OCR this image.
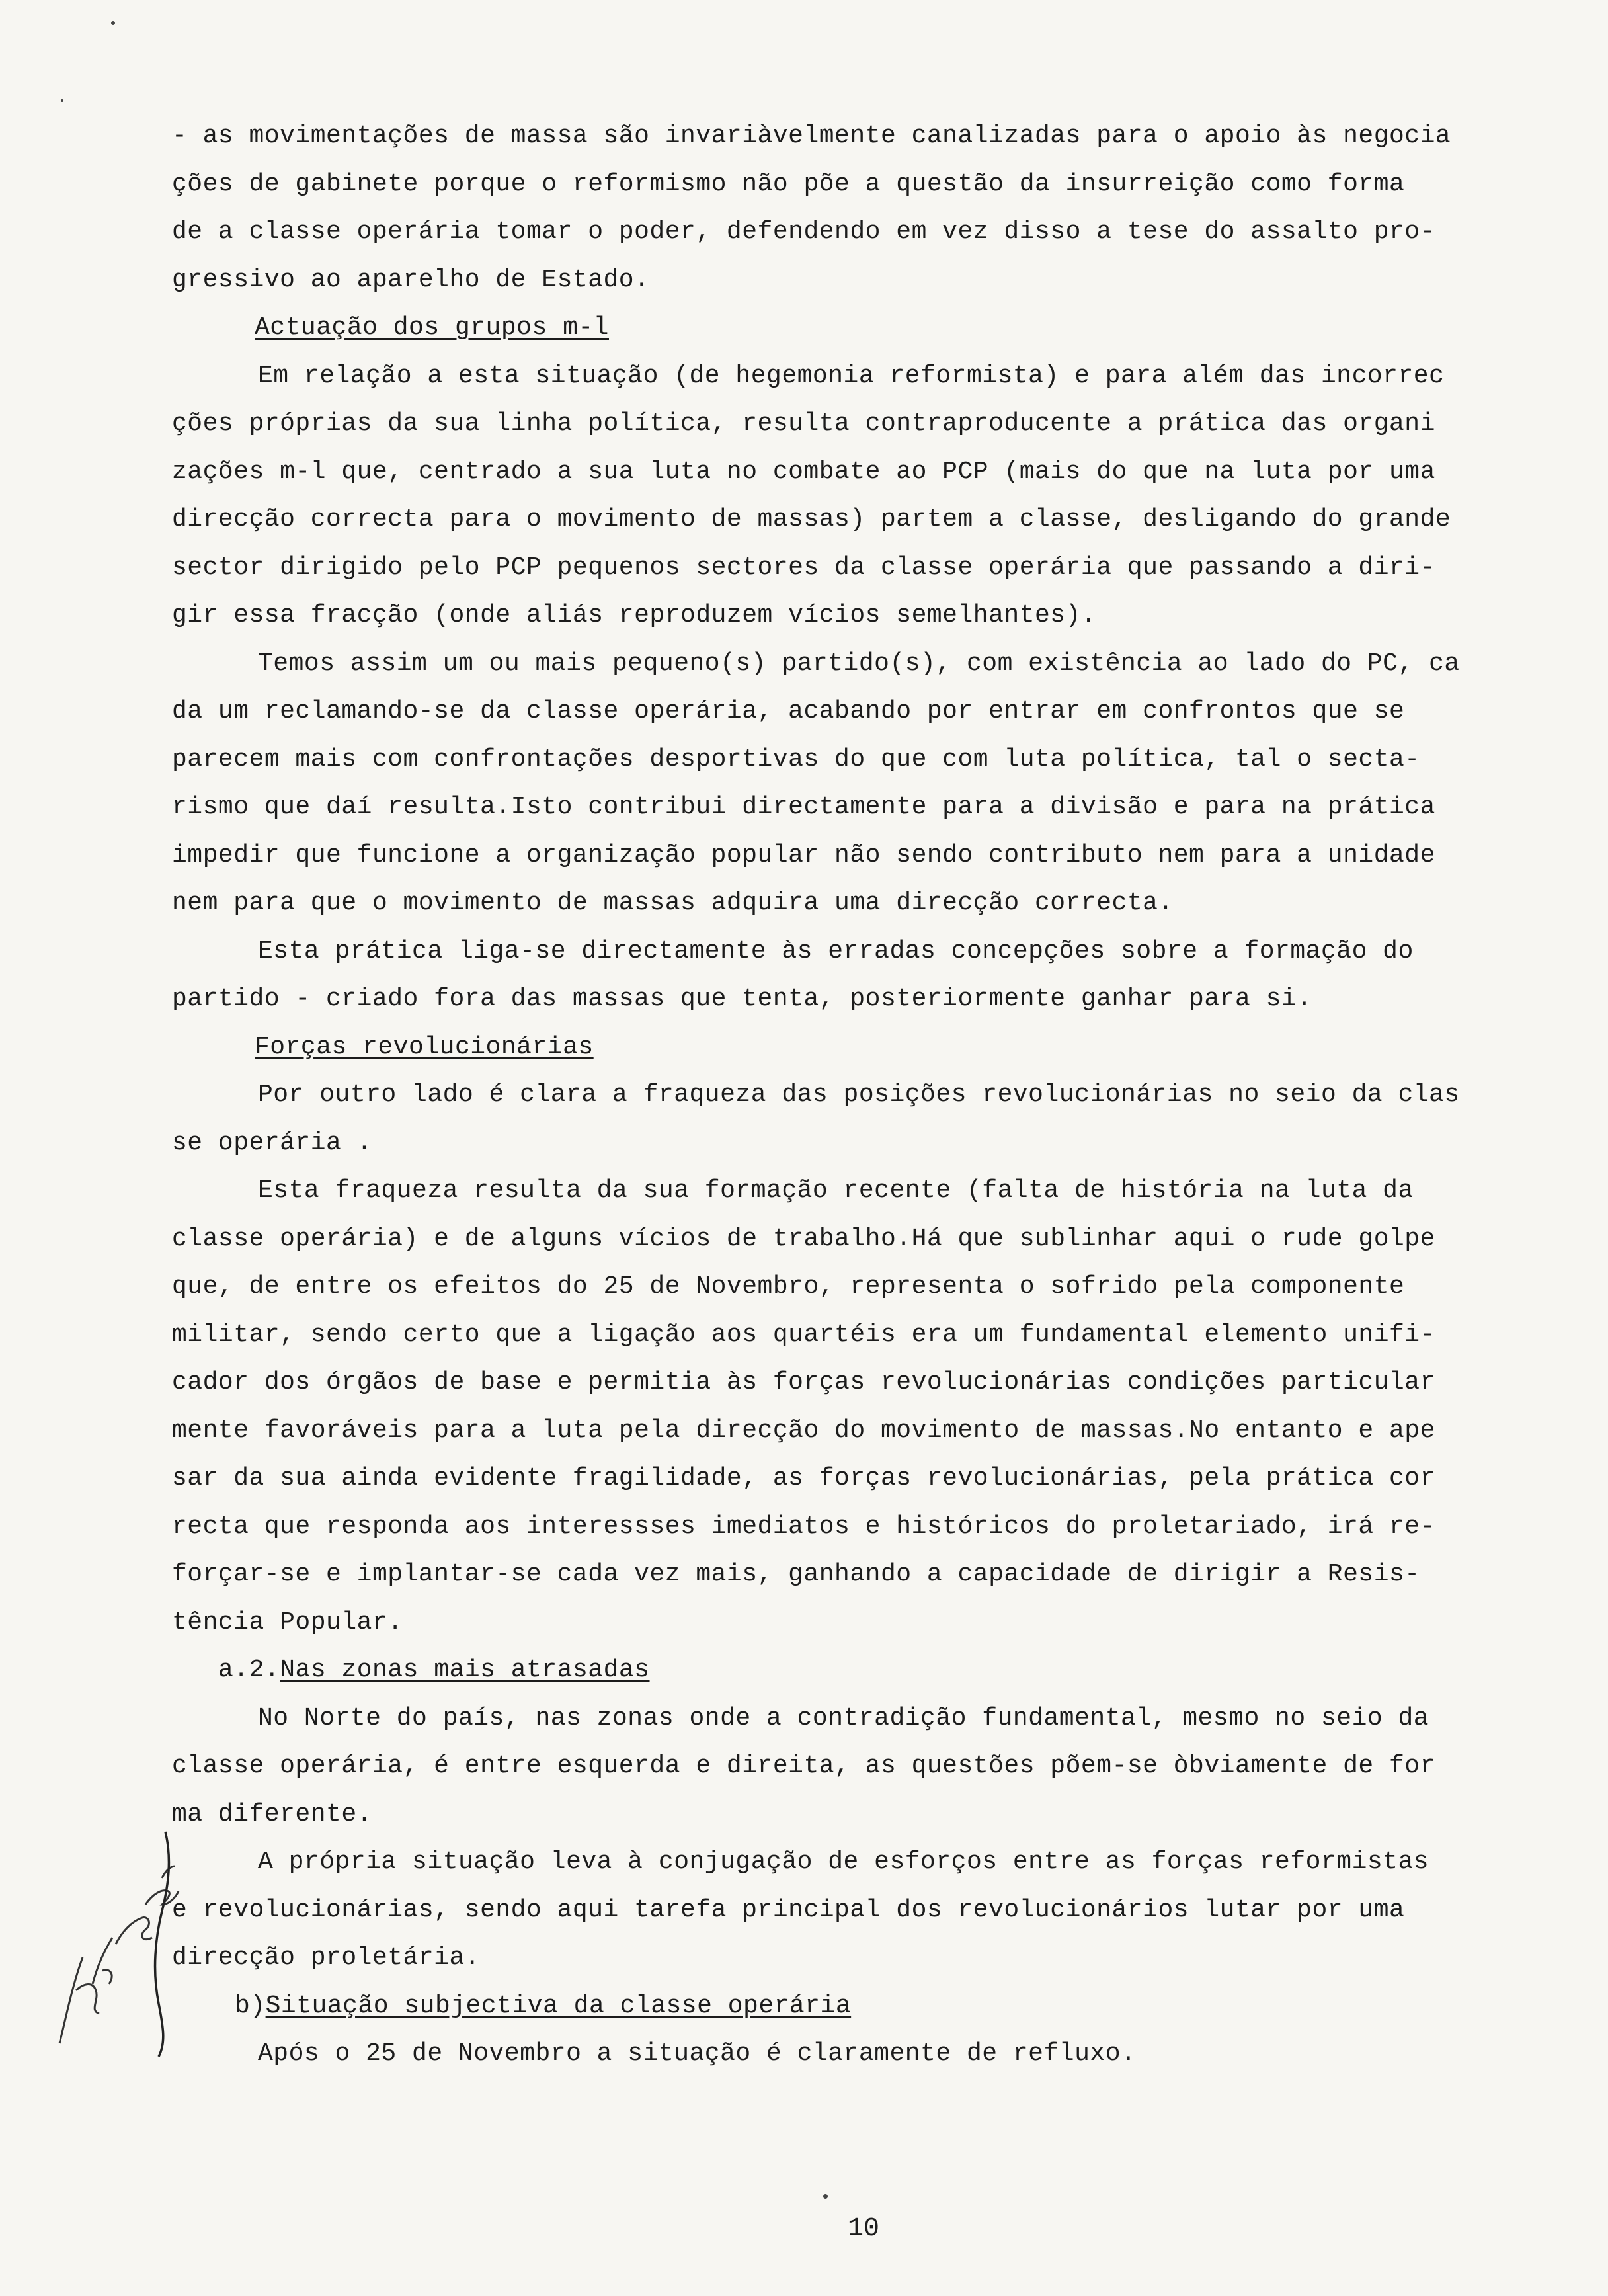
- as movimentações de massa são invariàvelmente canalizadas para o apoio às negocia

ções de gabinete porque o reformismo não põe a questão da insurreição como forma

de a classe operária tomar o poder, defendendo em vez disso a tese do assalto pro-

gressivo ao aparelho de Estado.

Actuação dos grupos m-l

Em relação a esta situação (de hegemonia reformista) e para além das incorrec

ções próprias da sua linha política, resulta contraproducente a prática das organi

zações m-l que, centrado a sua luta no combate ao PCP (mais do que na luta por uma

direcção correcta para o movimento de massas) partem a classe, desligando do grande

sector dirigido pelo PCP pequenos sectores da classe operária que passando a diri-

gir essa fracção (onde aliás reproduzem vícios semelhantes).

Temos assim um ou mais pequeno(s) partido(s), com existência ao lado do PC, ca

da um reclamando-se da classe operária, acabando por entrar em confrontos que se

parecem mais com confrontações desportivas do que com luta política, tal o secta-

rismo que daí resulta.Isto contribui directamente para a divisão e para na prática

impedir que funcione a organização popular não sendo contributo nem para a unidade

nem para que o movimento de massas adquira uma direcção correcta.

Esta prática liga-se directamente às erradas concepções sobre a formação do

partido - criado fora das massas que tenta, posteriormente ganhar para si.

Forças revolucionárias

Por outro lado é clara a fraqueza das posições revolucionárias no seio da clas

se operária .

Esta fraqueza resulta da sua formação recente (falta de história na luta da

classe operária) e de alguns vícios de trabalho.Há que sublinhar aqui o rude golpe

que, de entre os efeitos do 25 de Novembro, representa o sofrido pela componente

militar, sendo certo que a ligação aos quartéis era um fundamental elemento unifi-

cador dos órgãos de base e permitia às forças revolucionárias condições particular

mente favoráveis para a luta pela direcção do movimento de massas.No entanto e ape

sar da sua ainda evidente fragilidade, as forças revolucionárias, pela prática cor

recta que responda aos interessses imediatos e históricos do proletariado, irá re-

forçar-se e implantar-se cada vez mais, ganhando a capacidade de dirigir a Resis-

tência Popular.

a.2.Nas zonas mais atrasadas

No Norte do país, nas zonas onde a contradição fundamental, mesmo no seio da

classe operária, é entre esquerda e direita, as questões põem-se òbviamente de for

ma diferente.

A própria situação leva à conjugação de esforços entre as forças reformistas

e revolucionárias, sendo aqui tarefa principal dos revolucionários lutar por uma

direcção proletária.

b)Situação subjectiva da classe operária

Após o 25 de Novembro a situação é claramente de refluxo.

10
